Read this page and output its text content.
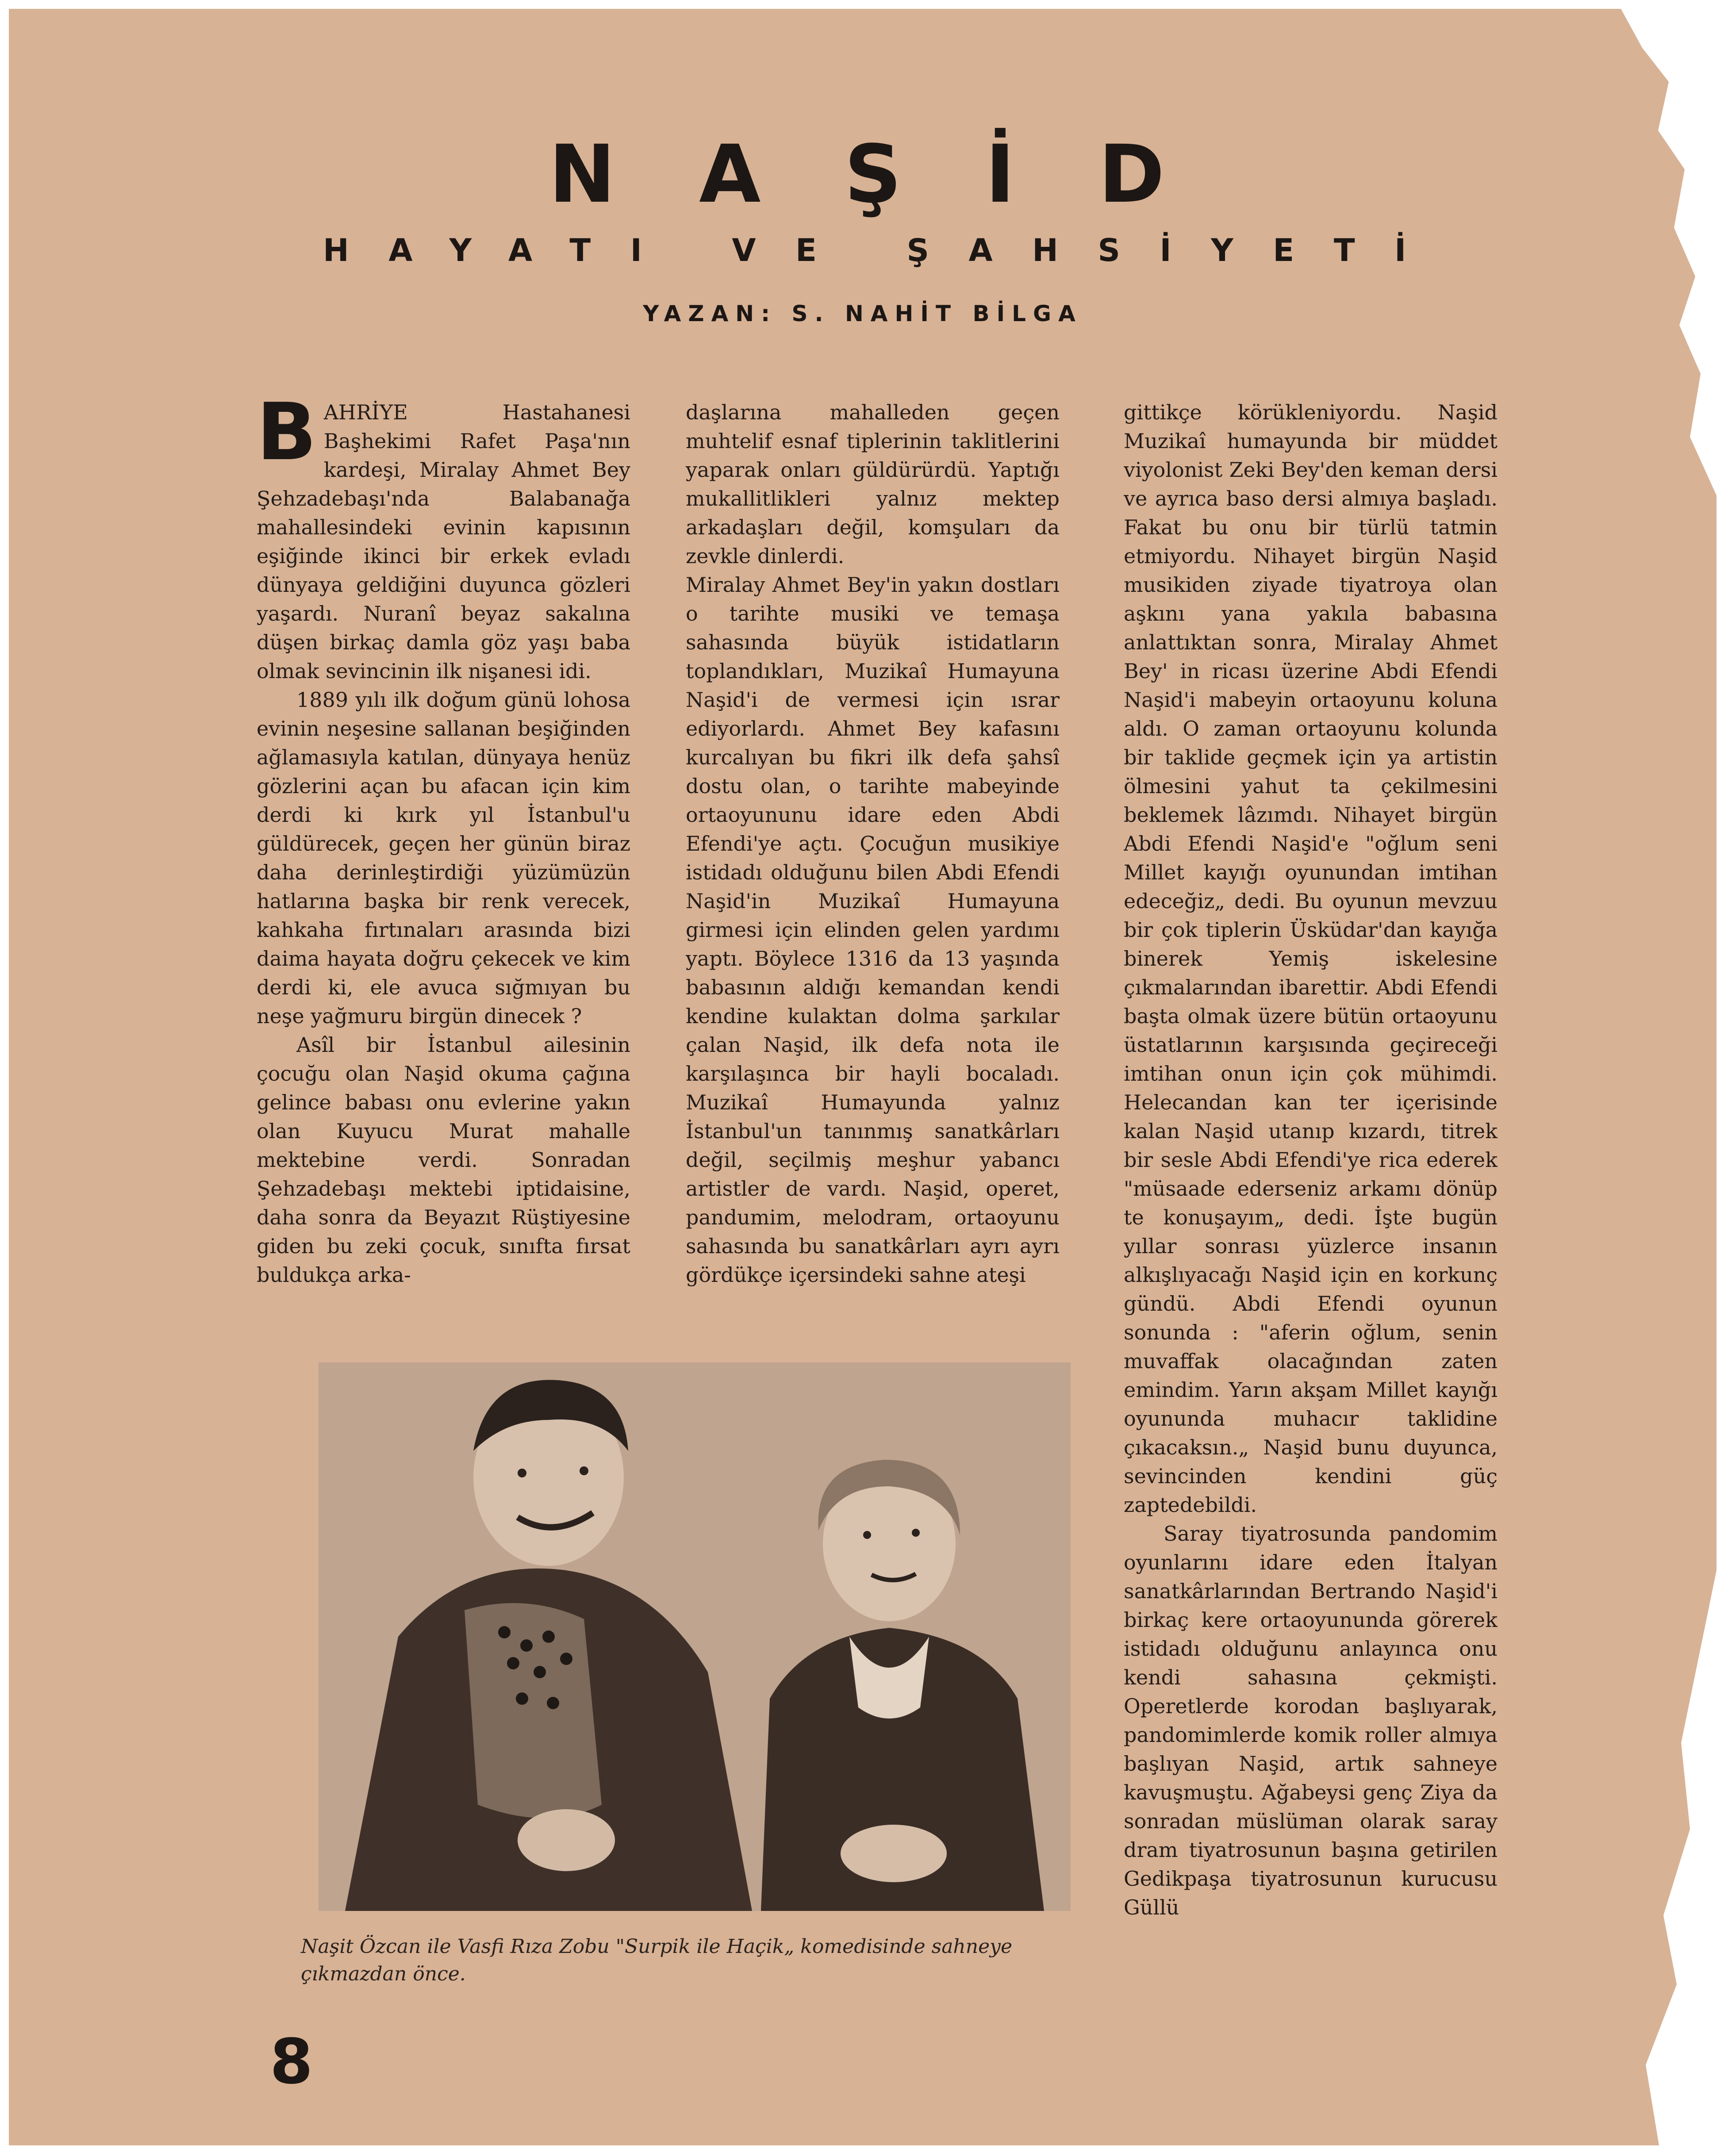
NAŞİD
HAYATI VE ŞAHSİYETİ
YAZAN: S. NAHİT BİLGA

B AHRİYE Hastahanesi Başhekimi Rafet Paşa'nın kardeşi, Miralay Ahmet Bey Şehzadebaşı'nda Balabanağa mahallesindeki evinin kapısının eşiğinde ikinci bir erkek evladı dünyaya geldiğini duyunca gözleri yaşardı. Nuranî beyaz sakalına düşen birkaç damla göz yaşı baba olmak sevincinin ilk nişanesi idi.

1889 yılı ilk doğum günü lohosa evinin neşesine sallanan beşiğinden ağlamasıyla katılan, dünyaya henüz gözlerini açan bu afacan için kim derdi ki kırk yıl İstanbul'u güldürecek, geçen her günün biraz daha derinleştirdiği yüzümüzün hatlarına başka bir renk verecek, kahkaha fırtınaları arasında bizi daima hayata doğru çekecek ve kim derdi ki, ele avuca sığmıyan bu neşe yağmuru birgün dinecek ?

Asîl bir İstanbul ailesinin çocuğu olan Naşid okuma çağına gelince babası onu evlerine yakın olan Kuyucu Murat mahalle mektebine verdi. Sonradan Şehzadebaşı mektebi iptidaisine, daha sonra da Beyazıt Rüştiyesine giden bu zeki çocuk, sınıfta fırsat buldukça arka-

daşlarına mahalleden geçen muhtelif esnaf tiplerinin taklitlerini yaparak onları güldürürdü. Yaptığı mukallitlikleri yalnız mektep arkadaşları değil, komşuları da zevkle dinlerdi.

Miralay Ahmet Bey'in yakın dostları o tarihte musiki ve temaşa sahasında büyük istidatların toplandıkları, Muzikaî Humayuna Naşid'i de vermesi için ısrar ediyorlardı. Ahmet Bey kafasını kurcalıyan bu fikri ilk defa şahsî dostu olan, o tarihte mabeyinde ortaoyununu idare eden Abdi Efendi'ye açtı. Çocuğun musikiye istidadı olduğunu bilen Abdi Efendi Naşid'in Muzikaî Humayuna girmesi için elinden gelen yardımı yaptı. Böylece 1316 da 13 yaşında babasının aldığı kemandan kendi kendine kulaktan dolma şarkılar çalan Naşid, ilk defa nota ile karşılaşınca bir hayli bocaladı. Muzikaî Humayunda yalnız İstanbul'un tanınmış sanatkârları değil, seçilmiş meşhur yabancı artistler de vardı. Naşid, operet, pandumim, melodram, ortaoyunu sahasında bu sanatkârları ayrı ayrı gördükçe içersindeki sahne ateşi

gittikçe körükleniyordu. Naşid Muzikaî humayunda bir müddet viyolonist Zeki Bey'den keman dersi ve ayrıca baso dersi almıya başladı. Fakat bu onu bir türlü tatmin etmiyordu. Nihayet birgün Naşid musikiden ziyade tiyatroya olan aşkını yana yakıla babasına anlattıktan sonra, Miralay Ahmet Bey' in ricası üzerine Abdi Efendi Naşid'i mabeyin ortaoyunu koluna aldı. O zaman ortaoyunu kolunda bir taklide geçmek için ya artistin ölmesini yahut ta çekilmesini beklemek lâzımdı. Nihayet birgün Abdi Efendi Naşid'e "oğlum seni Millet kayığı oyunundan imtihan edeceğiz„ dedi. Bu oyunun mevzuu bir çok tiplerin Üsküdar'dan kayığa binerek Yemiş iskelesine çıkmalarından ibarettir. Abdi Efendi başta olmak üzere bütün ortaoyunu üstatlarının karşısında geçireceği imtihan onun için çok mühimdi. Helecandan kan ter içerisinde kalan Naşid utanıp kızardı, titrek bir sesle Abdi Efendi'ye rica ederek "müsaade ederseniz arkamı dönüp te konuşayım„ dedi. İşte bugün yıllar sonrası yüzlerce insanın alkışlıyacağı Naşid için en korkunç gündü. Abdi Efendi oyunun sonunda : "aferin oğlum, senin muvaffak olacağından zaten emindim. Yarın akşam Millet kayığı oyununda muhacır taklidine çıkacaksın.„ Naşid bunu duyunca, sevincinden kendini güç zaptedebildi.

Saray tiyatrosunda pandomim oyunlarını idare eden İtalyan sanatkârlarından Bertrando Naşid'i birkaç kere ortaoyununda görerek istidadı olduğunu anlayınca onu kendi sahasına çekmişti. Operetlerde korodan başlıyarak, pandomimlerde komik roller almıya başlıyan Naşid, artık sahneye kavuşmuştu. Ağabeysi genç Ziya da sonradan müslüman olarak saray dram tiyatrosunun başına getirilen Gedikpaşa tiyatrosunun kurucusu Güllü

Naşit Özcan ile Vasfi Rıza Zobu "Surpik ile Haçik„ komedisinde sahneye çıkmazdan önce.
8
